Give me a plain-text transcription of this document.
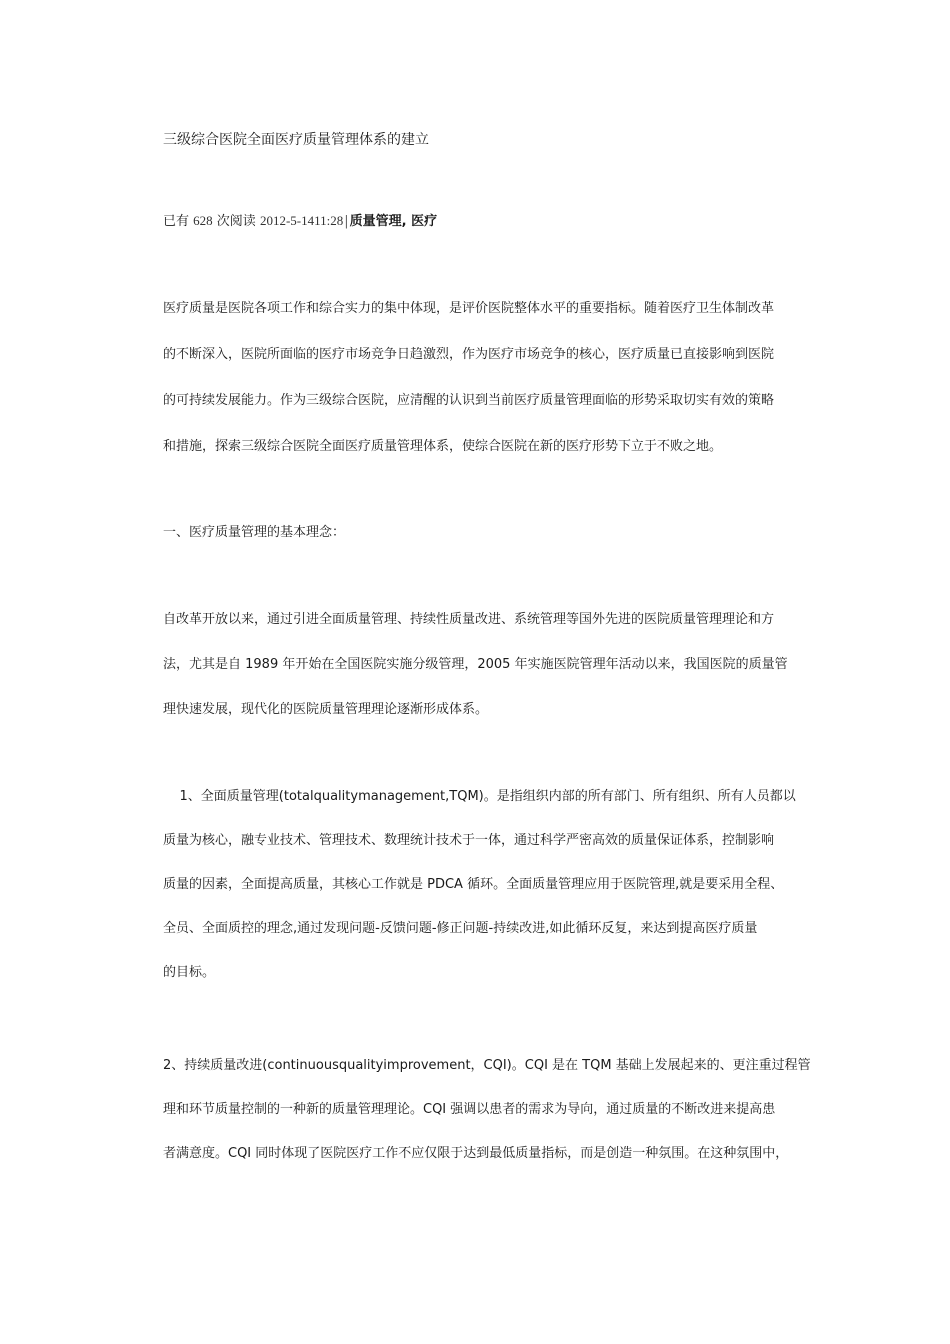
三级综合医院全面医疗质量管理体系的建立
已有 628 次阅读 2012-5-1411:28|质量管理, 医疗
医疗质量是医院各项工作和综合实力的集中体现，是评价医院整体水平的重要指标。随着医疗卫生体制改革
的不断深入，医院所面临的医疗市场竞争日趋激烈，作为医疗市场竞争的核心，医疗质量已直接影响到医院
的可持续发展能力。作为三级综合医院，应清醒的认识到当前医疗质量管理面临的形势采取切实有效的策略
和措施，探索三级综合医院全面医疗质量管理体系，使综合医院在新的医疗形势下立于不败之地。
一、医疗质量管理的基本理念：
自改革开放以来，通过引进全面质量管理、持续性质量改进、系统管理等国外先进的医院质量管理理论和方
法，尤其是自 1989 年开始在全国医院实施分级管理，2005 年实施医院管理年活动以来，我国医院的质量管
理快速发展，现代化的医院质量管理理论逐渐形成体系。
1、全面质量管理(totalqualitymanagement,TQM)。是指组织内部的所有部门、所有组织、所有人员都以
质量为核心，融专业技术、管理技术、数理统计技术于一体，通过科学严密高效的质量保证体系，控制影响
质量的因素，全面提高质量，其核心工作就是 PDCA 循环。全面质量管理应用于医院管理,就是要采用全程、
全员、全面质控的理念,通过发现问题-反馈问题-修正问题-持续改进,如此循环反复，来达到提高医疗质量
的目标。
2、持续质量改进(continuousqualityimprovement，CQI)。CQI 是在 TQM 基础上发展起来的、更注重过程管
理和环节质量控制的一种新的质量管理理论。CQI 强调以患者的需求为导向，通过质量的不断改进来提高患
者满意度。CQI 同时体现了医院医疗工作不应仅限于达到最低质量指标，而是创造一种氛围。在这种氛围中，
